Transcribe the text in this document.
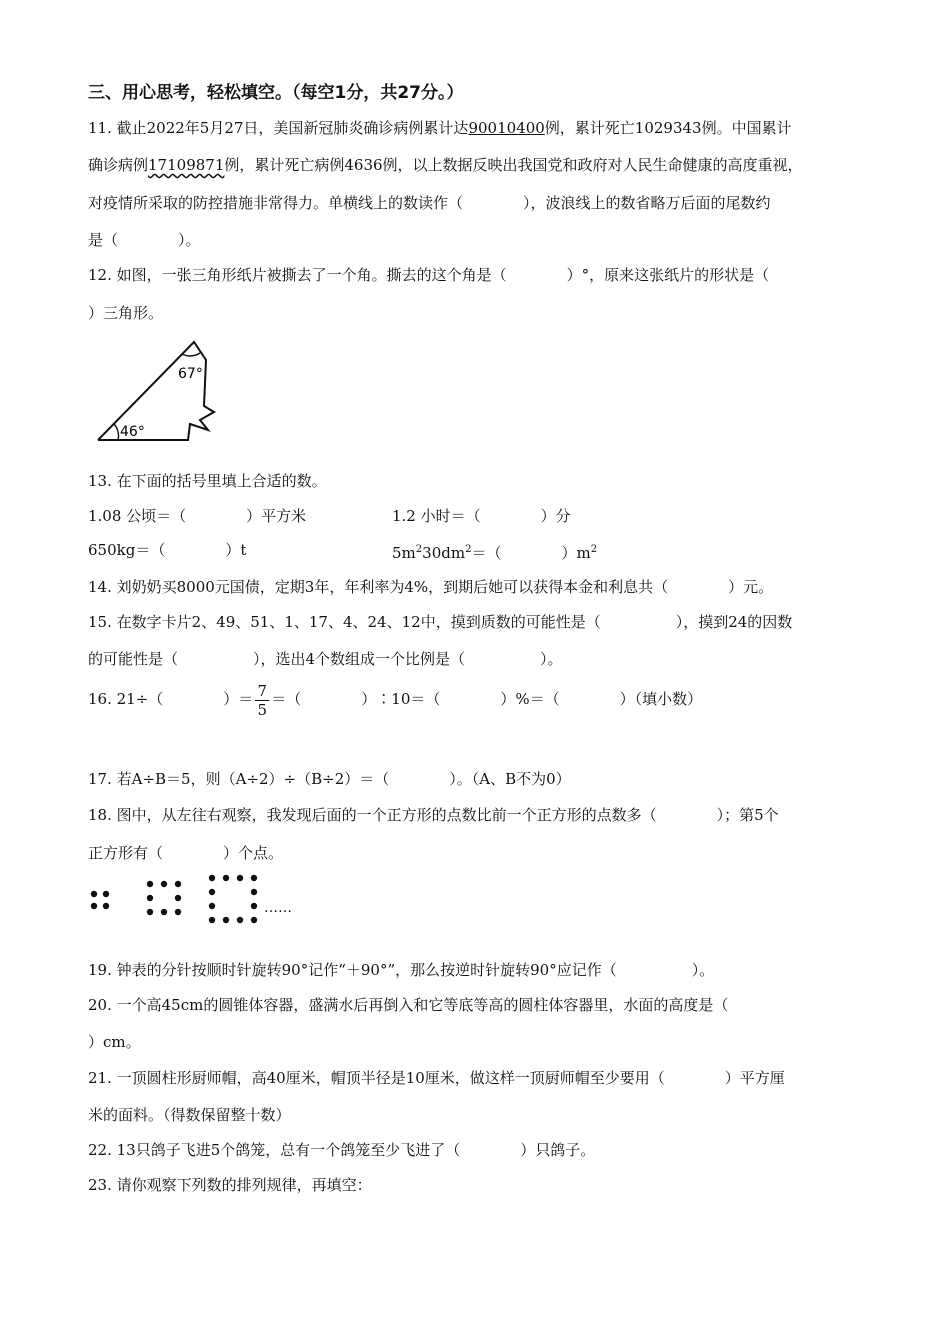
三、用心思考，轻松填空。（每空1分，共27分。）
11. 截止2022年5月27日，美国新冠肺炎确诊病例累计达90010400例，累计死亡1029343例。中国累计
确诊病例17109871例，累计死亡病例4636例，以上数据反映出我国党和政府对人民生命健康的高度重视，
对疫情所采取的防控措施非常得力。单横线上的数读作（　　　　），波浪线上的数省略万后面的尾数约
是（　　　　）。
12. 如图，一张三角形纸片被撕去了一个角。撕去的这个角是（　　　　）°，原来这张纸片的形状是（
）三角形。
67°
46°
13. 在下面的括号里填上合适的数。
1.08 公顷＝（　　　　）平方米	1.2 小时＝（　　　　）分
650kg＝（　　　　）t	$5m^230dm^2=$（　　　　）$m^2$
14. 刘奶奶买8000元国债，定期3年，年利率为4%，到期后她可以获得本金和利息共（　　　　）元。
15. 在数字卡片2、49、51、1、17、4、24、12中，摸到质数的可能性是（　　　　　），摸到24的因数
的可能性是（　　　　　），选出4个数组成一个比例是（　　　　　）。
16. 21÷（　　　　）＝ $\frac{7}{5}$ ＝（　　　　）∶10＝（　　　　）%＝（　　　　）（填小数）
17. 若A÷B＝5，则（A÷2）÷（B÷2）＝（　　　　）。（A、B不为0）
18. 图中，从左往右观察，我发现后面的一个正方形的点数比前一个正方形的点数多（　　　　）；第5个
正方形有（　　　　）个点。
……
19. 钟表的分针按顺时针旋转90°记作“＋90°”，那么按逆时针旋转90°应记作（　　　　　）。
20. 一个高45cm的圆锥体容器，盛满水后再倒入和它等底等高的圆柱体容器里，水面的高度是（
）cm。
21. 一顶圆柱形厨师帽，高40厘米，帽顶半径是10厘米，做这样一顶厨师帽至少要用（　　　　）平方厘
米的面料。（得数保留整十数）
22. 13只鸽子飞进5个鸽笼，总有一个鸽笼至少飞进了（　　　　）只鸽子。
23. 请你观察下列数的排列规律，再填空：
